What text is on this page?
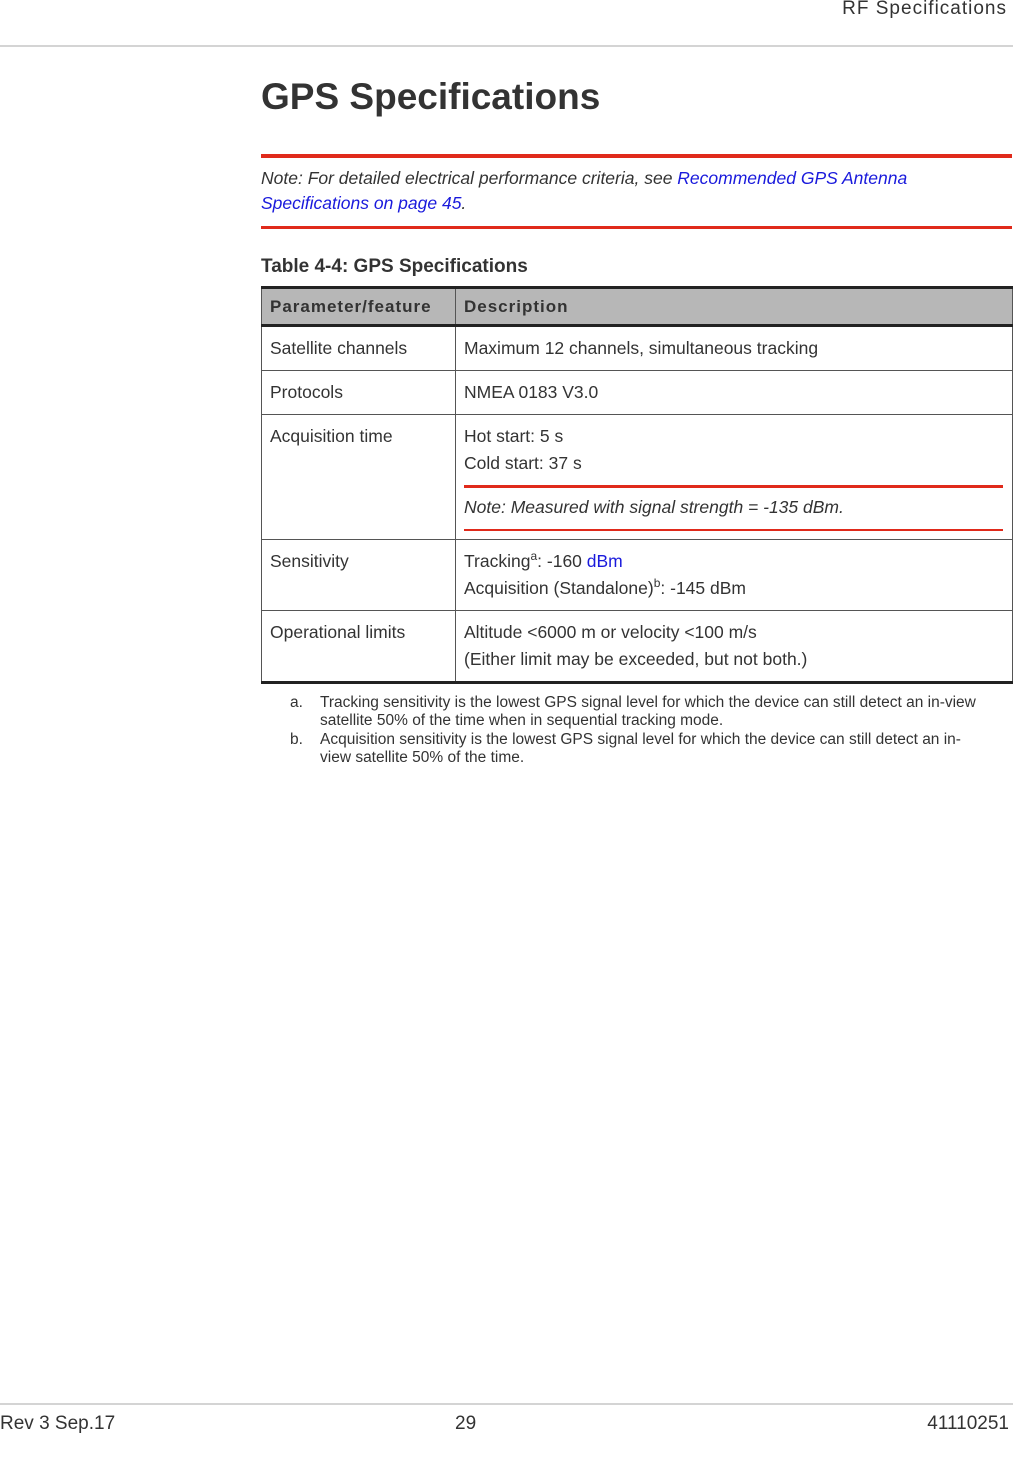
RF Specifications
GPS Specifications
Note: For detailed electrical performance criteria, see Recommended GPS Antenna Specifications on page 45.
Table 4-4: GPS Specifications
Parameter/feature	Description
Satellite channels	Maximum 12 channels, simultaneous tracking
Protocols	NMEA 0183 V3.0
Acquisition time	Hot start: 5 s
Cold start: 37 s
Note: Measured with signal strength = -135 dBm.

Sensitivity	Tracking$^a$: -160 dBm
Acquisition (Standalone)$^b$: -145 dBm

Operational limits	Altitude <6000 m or velocity <100 m/s
(Either limit may be exceeded, but not both.)
a.	Tracking sensitivity is the lowest GPS signal level for which the device can still detect an in-view satellite 50% of the time when in sequential tracking mode.
b.	Acquisition sensitivity is the lowest GPS signal level for which the device can still detect an in-view satellite 50% of the time.
Rev 3 Sep.17	29	41110251
